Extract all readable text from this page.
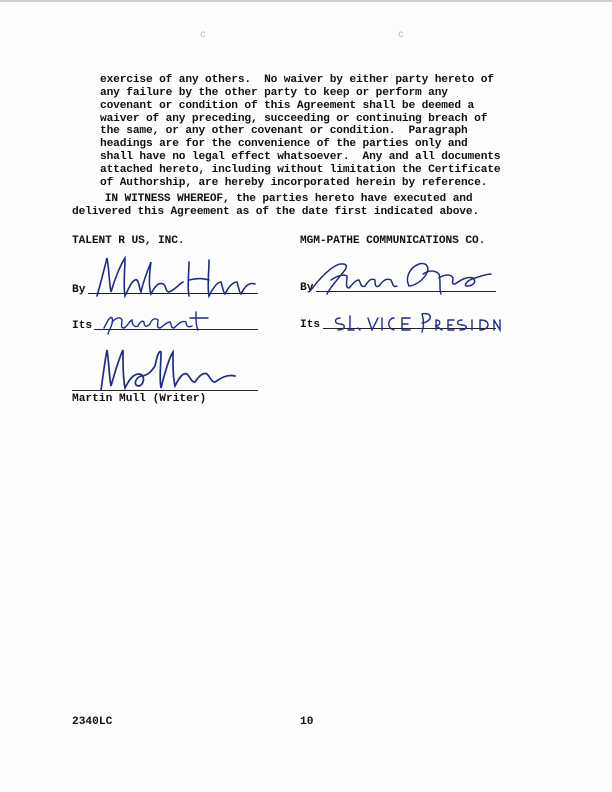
c	c
exercise of any others.  No waiver by either party hereto of
any failure by the other party to keep or perform any
covenant or condition of this Agreement shall be deemed a
waiver of any preceding, succeeding or continuing breach of
the same, or any other covenant or condition.  Paragraph
headings are for the convenience of the parties only and
shall have no legal effect whatsoever.  Any and all documents
attached hereto, including without limitation the Certificate
of Authorship, are hereby incorporated herein by reference.
IN WITNESS WHEREOF, the parties hereto have executed and
delivered this Agreement as of the date first indicated above.
TALENT R US, INC.
By
Its
Martin Mull (Writer)
MGM-PATHE COMMUNICATIONS CO.
By
Its
2340LC	10
